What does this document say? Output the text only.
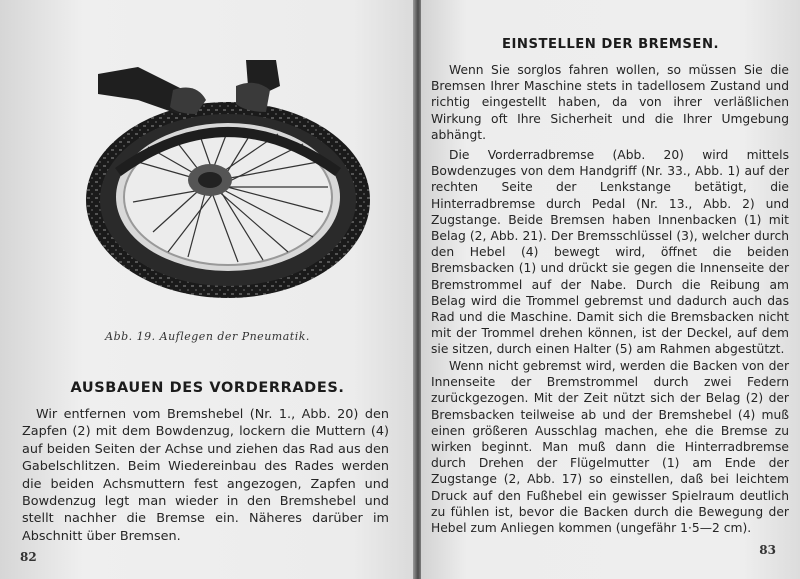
Abb. 19. Auflegen der Pneumatik.
AUSBAUEN DES VORDERRADES.

Wir entfernen vom Bremshebel (Nr. 1., Abb. 20) den Zapfen (2) mit dem Bowdenzug, lockern die Muttern (4) auf beiden Seiten der Achse und ziehen das Rad aus den Gabelschlitzen. Beim Wiedereinbau des Rades werden die beiden Achsmuttern fest angezogen, Zapfen und Bowdenzug legt man wieder in den Bremshebel und stellt nachher die Bremse ein. Näheres darüber im Abschnitt über Bremsen.

82
EINSTELLEN DER BREMSEN.

Wenn Sie sorglos fahren wollen, so müssen Sie die Bremsen Ihrer Maschine stets in tadellosem Zustand und richtig eingestellt haben, da von ihrer verläßlichen Wirkung oft Ihre Sicherheit und die Ihrer Umgebung abhängt.

Die Vorderradbremse (Abb. 20) wird mittels Bowdenzuges von dem Handgriff (Nr. 33., Abb. 1) auf der rechten Seite der Lenkstange betätigt, die Hinterradbremse durch Pedal (Nr. 13., Abb. 2) und Zugstange. Beide Bremsen haben Innenbacken (1) mit Belag (2, Abb. 21). Der Bremsschlüssel (3), welcher durch den Hebel (4) bewegt wird, öffnet die beiden Bremsbacken (1) und drückt sie gegen die Innenseite der Bremstrommel auf der Nabe. Durch die Reibung am Belag wird die Trommel gebremst und dadurch auch das Rad und die Maschine. Damit sich die Bremsbacken nicht mit der Trommel drehen können, ist der Deckel, auf dem sie sitzen, durch einen Halter (5) am Rahmen abgestützt.

Wenn nicht gebremst wird, werden die Backen von der Innenseite der Bremstrommel durch zwei Federn zurückgezogen. Mit der Zeit nützt sich der Belag (2) der Bremsbacken teilweise ab und der Bremshebel (4) muß einen größeren Ausschlag machen, ehe die Bremse zu wirken beginnt. Man muß dann die Hinterradbremse durch Drehen der Flügelmutter (1) am Ende der Zugstange (2, Abb. 17) so einstellen, daß bei leichtem Druck auf den Fußhebel ein gewisser Spielraum deutlich zu fühlen ist, bevor die Backen durch die Bewegung der Hebel zum Anliegen kommen (ungefähr 1·5—2 cm).

83
